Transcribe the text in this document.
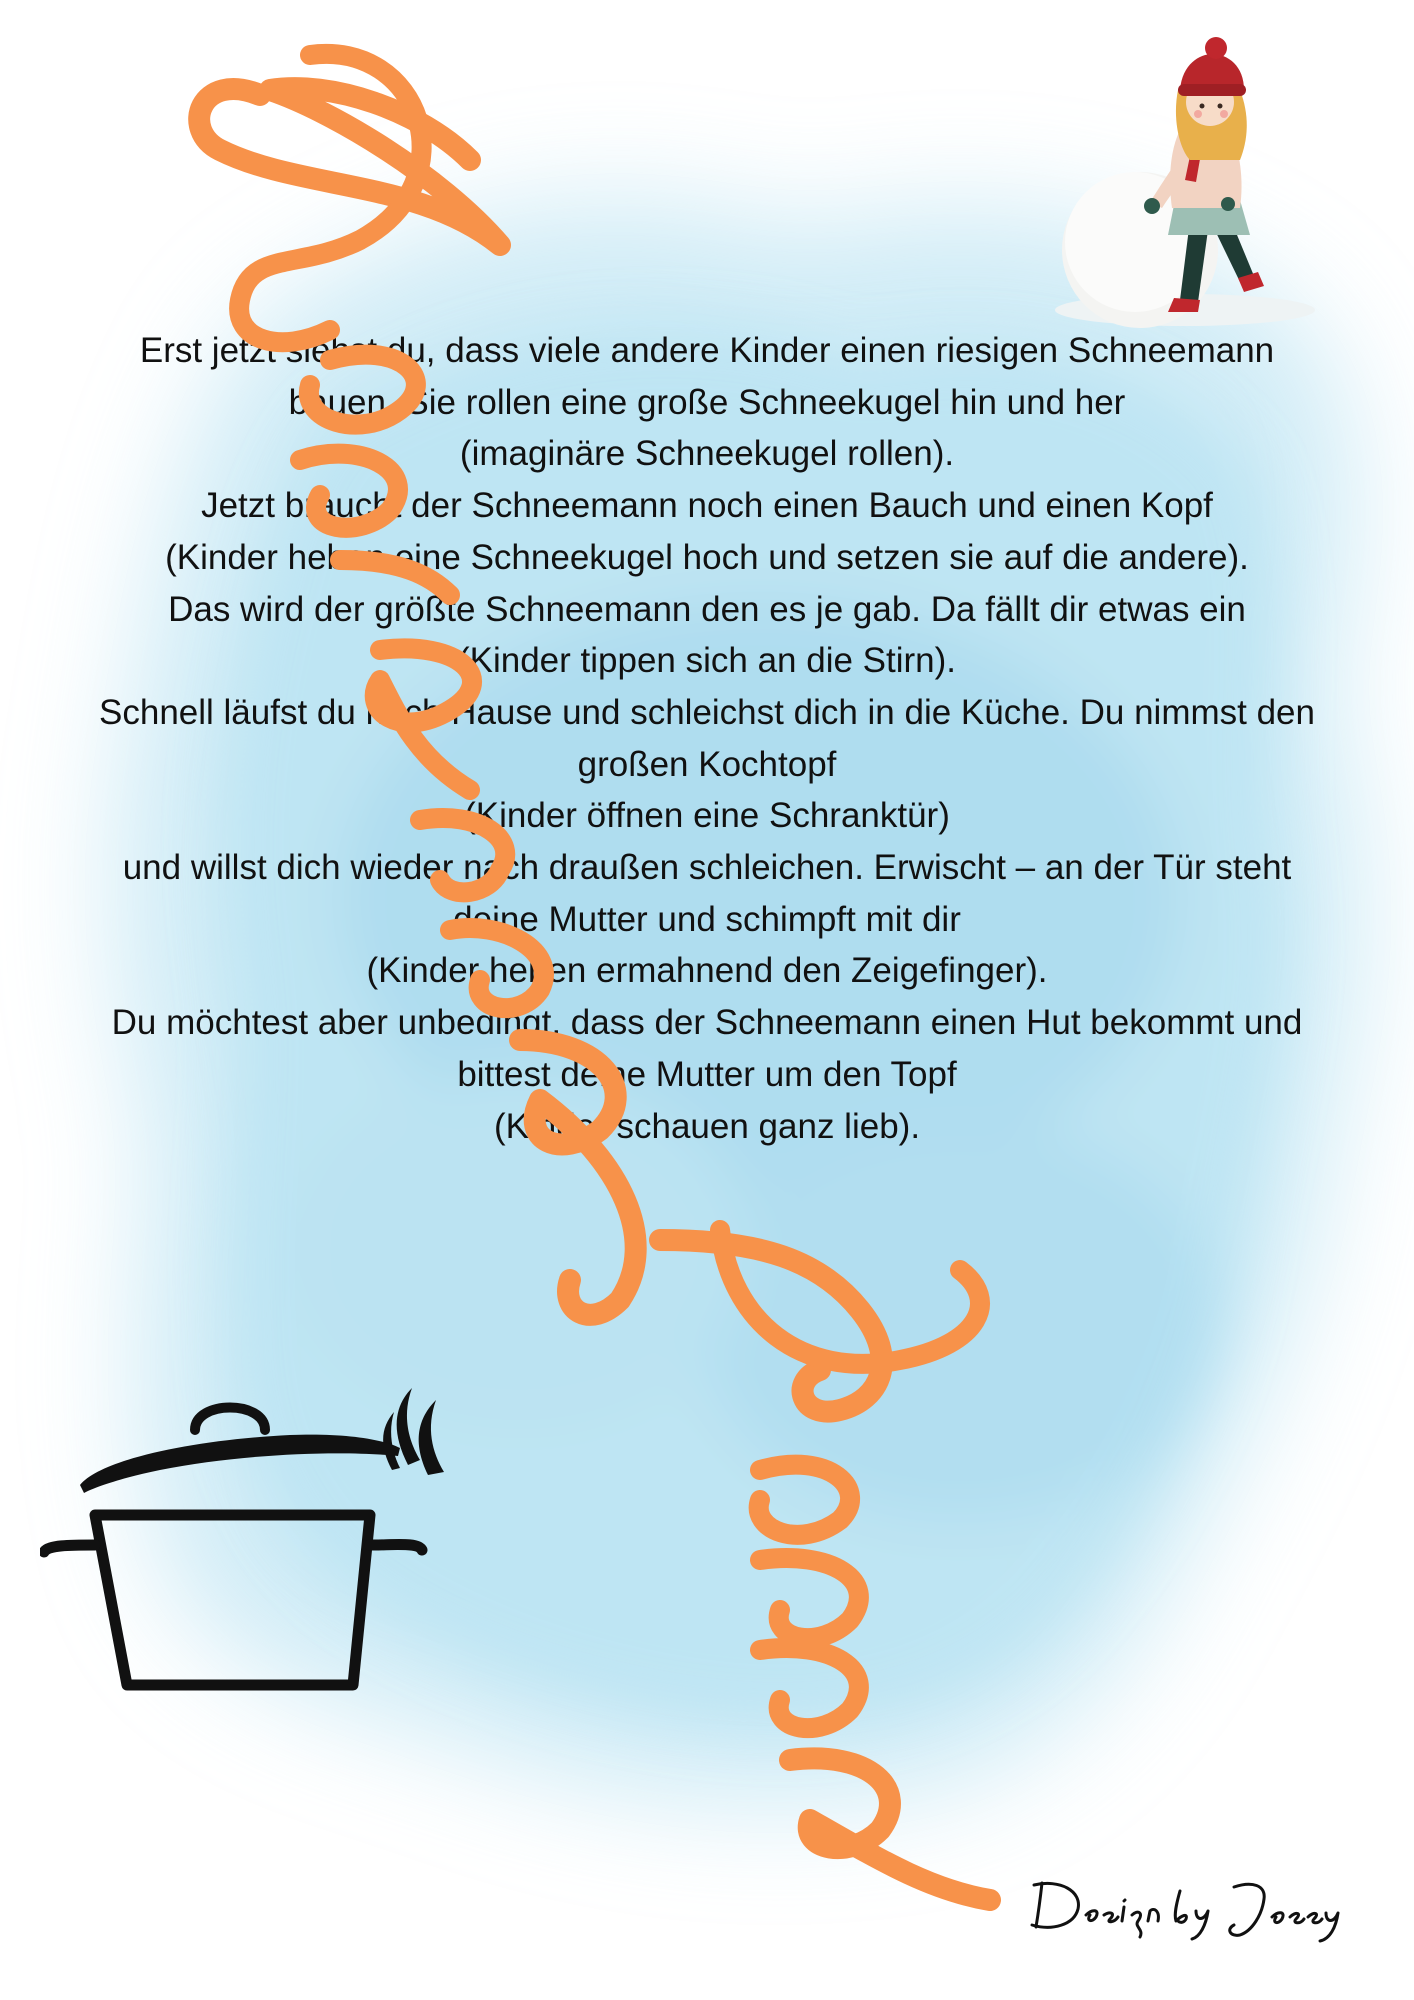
Erst jetzt siehst du, dass viele andere Kinder einen riesigen Schneemann
bauen. Sie rollen eine große Schneekugel hin und her
(imaginäre Schneekugel rollen).
Jetzt braucht der Schneemann noch einen Bauch und einen Kopf
(Kinder heben eine Schneekugel hoch und setzen sie auf die andere).
Das wird der größte Schneemann den es je gab. Da fällt dir etwas ein
(Kinder tippen sich an die Stirn).
Schnell läufst du nach Hause und schleichst dich in die Küche. Du nimmst den
großen Kochtopf
(Kinder öffnen eine Schranktür)
und willst dich wieder nach draußen schleichen. Erwischt – an der Tür steht
deine Mutter und schimpft mit dir
(Kinder heben ermahnend den Zeigefinger).
Du möchtest aber unbedingt, dass der Schneemann einen Hut bekommt und
bittest deine Mutter um den Topf
(Kinder schauen ganz lieb).
